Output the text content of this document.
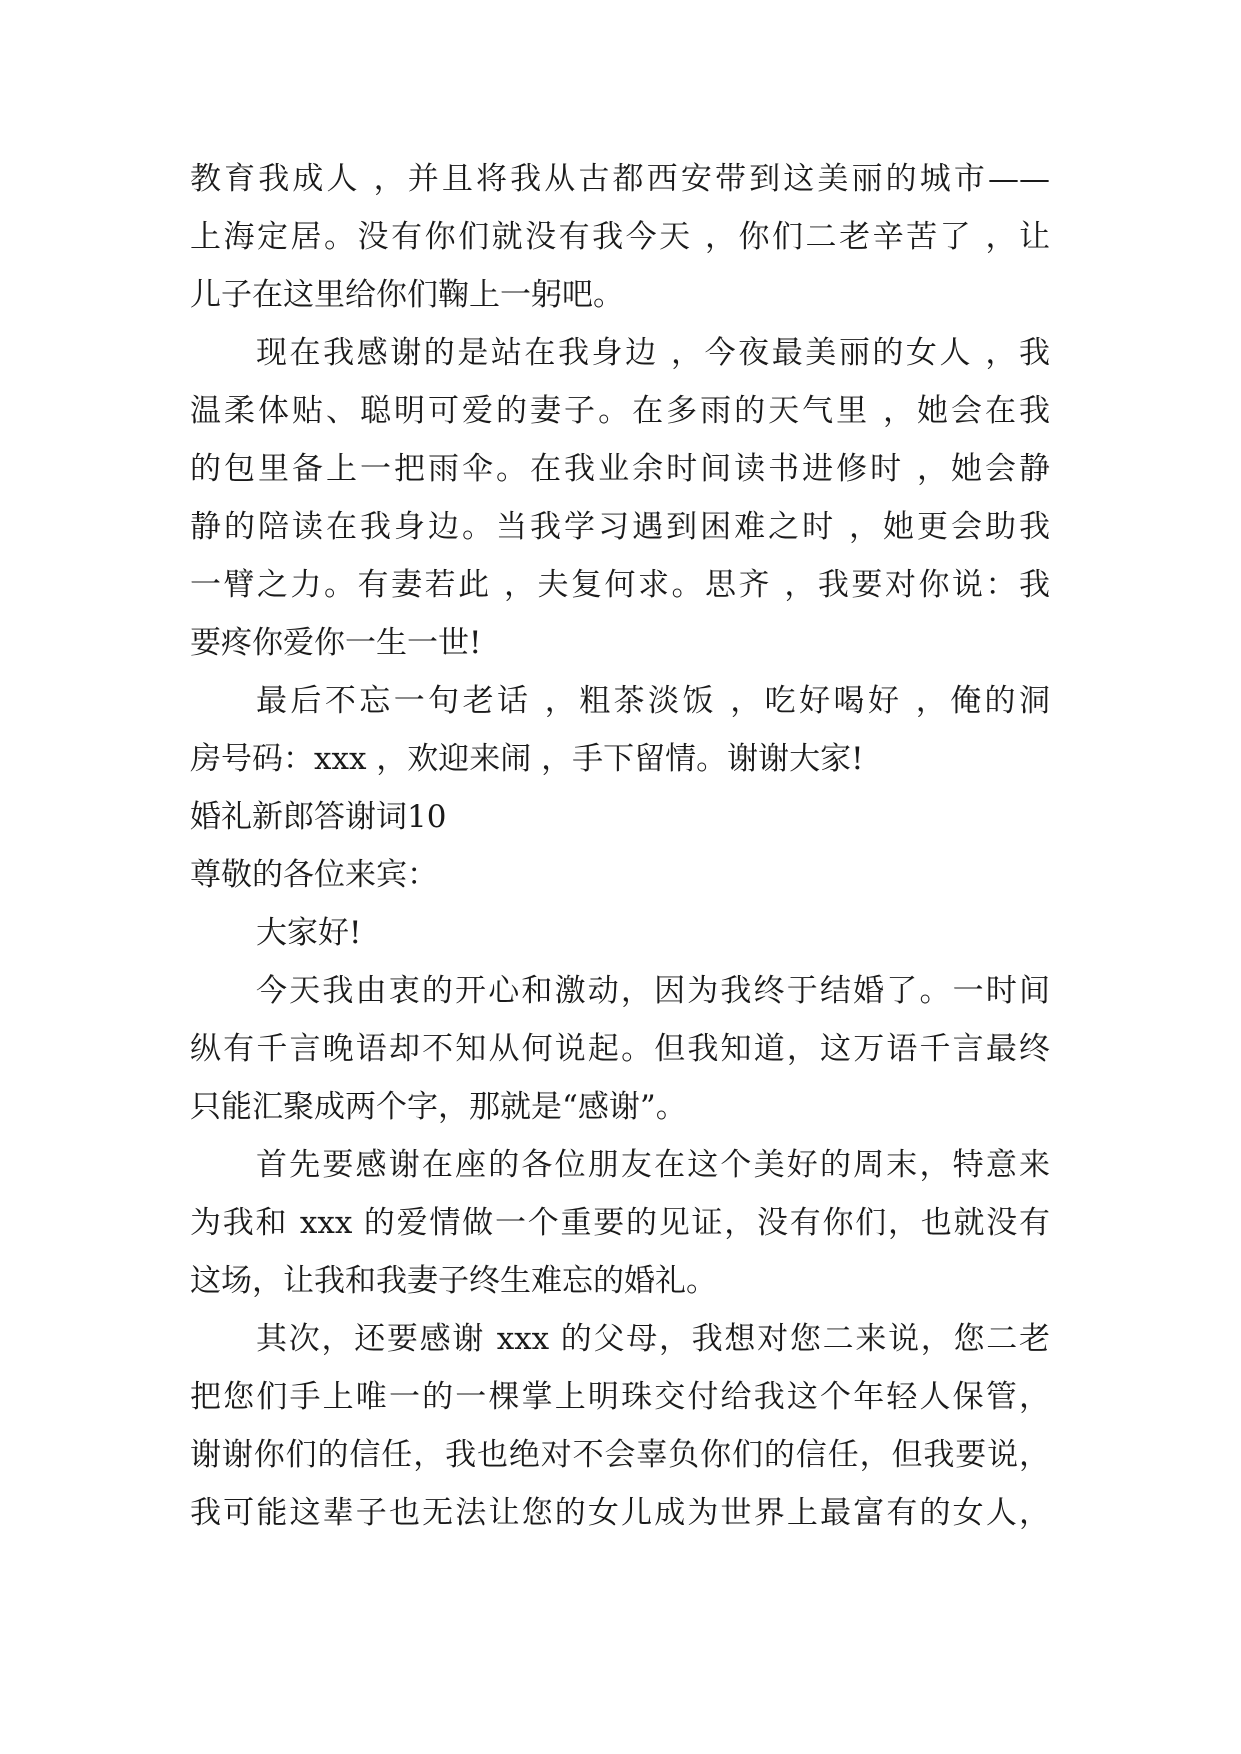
教育我成人 ，并且将我从古都西安带到这美丽的城市——
上海定居。没有你们就没有我今天 ，你们二老辛苦了 ，让
儿子在这里给你们鞠上一躬吧。
现在我感谢的是站在我身边 ，今夜最美丽的女人 ，我
温柔体贴、聪明可爱的妻子。在多雨的天气里 ，她会在我
的包里备上一把雨伞。在我业余时间读书进修时 ，她会静
静的陪读在我身边。当我学习遇到困难之时 ，她更会助我
一臂之力。有妻若此 ，夫复何求。思齐 ，我要对你说：我
要疼你爱你一生一世!
最后不忘一句老话 ，粗茶淡饭 ，吃好喝好 ，俺的洞
房号码：xxx ，欢迎来闹 ，手下留情。谢谢大家!
婚礼新郎答谢词10
尊敬的各位来宾：
大家好!
今天我由衷的开心和激动，因为我终于结婚了。一时间
纵有千言晚语却不知从何说起。但我知道，这万语千言最终
只能汇聚成两个字，那就是“感谢”。
首先要感谢在座的各位朋友在这个美好的周末，特意来
为我和 xxx 的爱情做一个重要的见证，没有你们，也就没有
这场，让我和我妻子终生难忘的婚礼。
其次，还要感谢 xxx 的父母，我想对您二来说，您二老
把您们手上唯一的一棵掌上明珠交付给我这个年轻人保管，
谢谢你们的信任，我也绝对不会辜负你们的信任，但我要说，
我可能这辈子也无法让您的女儿成为世界上最富有的女人，
